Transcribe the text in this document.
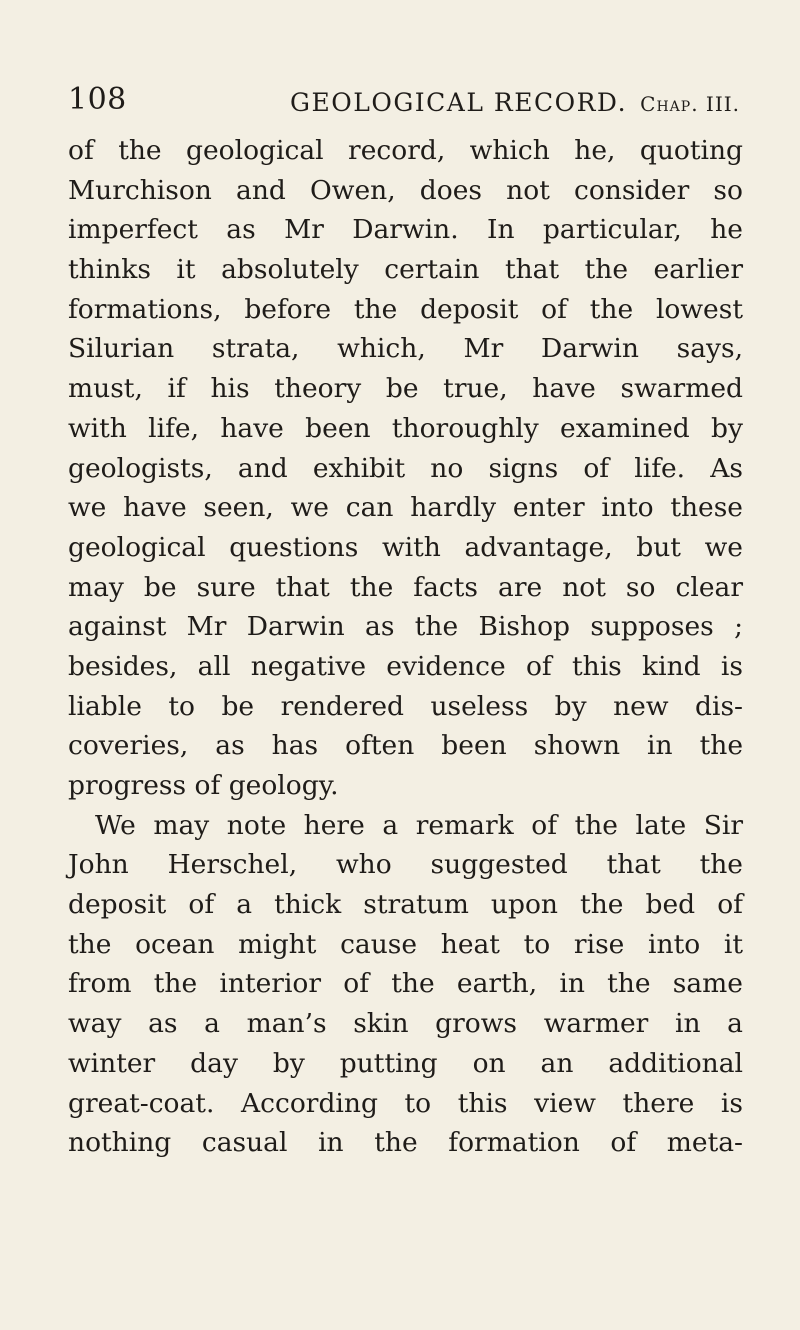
108	GEOLOGICAL RECORD. Chap. III.
of the geological record, which he, quoting
Murchison and Owen, does not consider so
imperfect as Mr Darwin. In particular, he
thinks it absolutely certain that the earlier
formations, before the deposit of the lowest
Silurian strata, which, Mr Darwin says,
must, if his theory be true, have swarmed
with life, have been thoroughly examined by
geologists, and exhibit no signs of life. As
we have seen, we can hardly enter into these
geological questions with advantage, but we
may be sure that the facts are not so clear
against Mr Darwin as the Bishop supposes ;
besides, all negative evidence of this kind is
liable to be rendered useless by new dis-
coveries, as has often been shown in the
progress of geology.
We may note here a remark of the late Sir
John Herschel, who suggested that the
deposit of a thick stratum upon the bed of
the ocean might cause heat to rise into it
from the interior of the earth, in the same
way as a man’s skin grows warmer in a
winter day by putting on an additional
great-coat. According to this view there is
nothing casual in the formation of meta-
